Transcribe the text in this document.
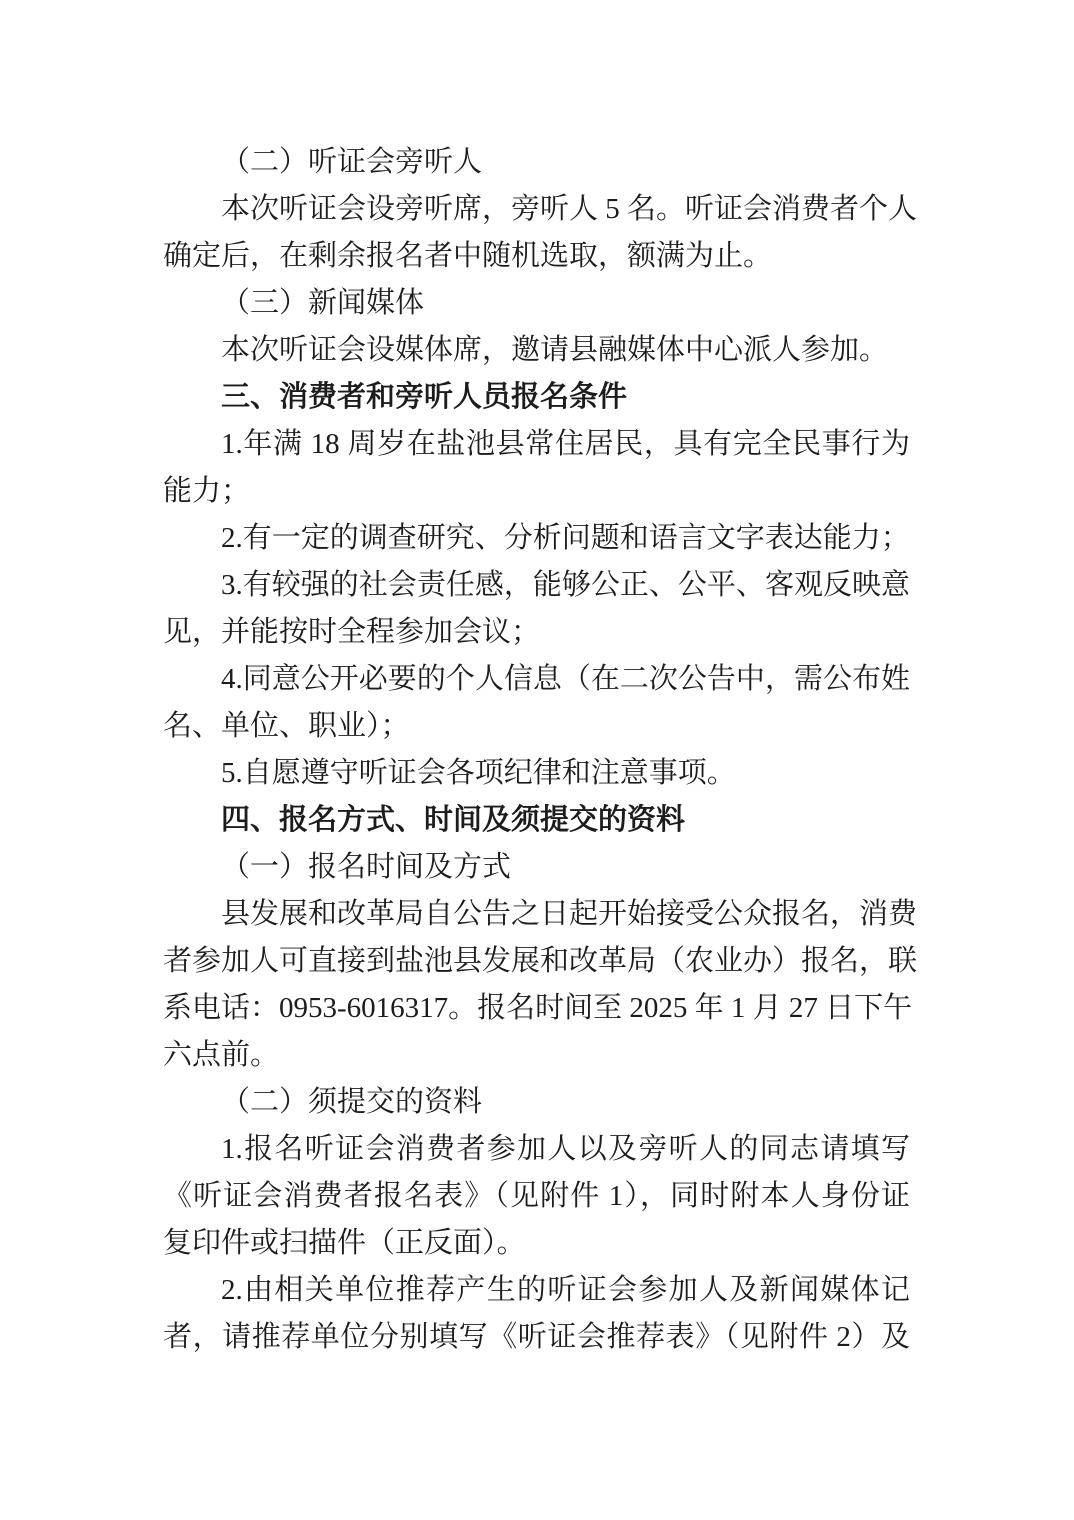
（二）听证会旁听人
本次听证会设旁听席，旁听人 5 名。听证会消费者个人
确定后，在剩余报名者中随机选取，额满为止。
（三）新闻媒体
本次听证会设媒体席，邀请县融媒体中心派人参加。
三、消费者和旁听人员报名条件
1.年满 18 周岁在盐池县常住居民，具有完全民事行为
能力；
2.有一定的调查研究、分析问题和语言文字表达能力；
3.有较强的社会责任感，能够公正、公平、客观反映意
见，并能按时全程参加会议；
4.同意公开必要的个人信息（在二次公告中，需公布姓
名、单位、职业）；
5.自愿遵守听证会各项纪律和注意事项。
四、报名方式、时间及须提交的资料
（一）报名时间及方式
县发展和改革局自公告之日起开始接受公众报名，消费
者参加人可直接到盐池县发展和改革局（农业办）报名，联
系电话：0953-6016317。报名时间至 2025 年 1 月 27 日下午
六点前。
（二）须提交的资料
1.报名听证会消费者参加人以及旁听人的同志请填写
《听证会消费者报名表》（见附件 1），同时附本人身份证
复印件或扫描件（正反面）。
2.由相关单位推荐产生的听证会参加人及新闻媒体记
者，请推荐单位分别填写《听证会推荐表》（见附件 2）及
